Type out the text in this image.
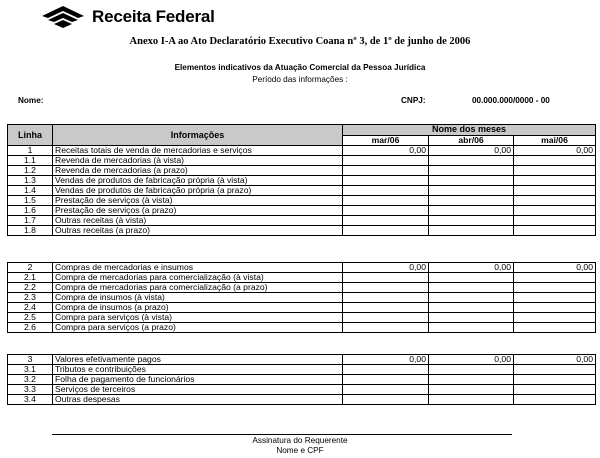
Receita Federal
Anexo I-A ao Ato Declaratório Executivo Coana nº 3, de 1º de junho de 2006
Elementos indicativos da Atuação Comercial da Pessoa Jurídica
Período das informações :
Nome:	CNPJ:	00.000.000/0000 - 00
Linha	Informações	Nome dos meses		
		mar/06	abr/06	mai/06
1	Receitas totais de venda de mercadorias e serviços	0,00	0,00	0,00
1.1	Revenda de mercadorias (à vista)			
1.2	Revenda de mercadorias (a prazo)			
1.3	Vendas de produtos de fabricação própria (à vista)			
1.4	Vendas de produtos de fabricação própria (a prazo)			
1.5	Prestação de serviços (à vista)			
1.6	Prestação de serviços (a prazo)			
1.7	Outras receitas (à vista)			
1.8	Outras receitas (a prazo)			
2	Compras de mercadorias e insumos	0,00	0,00	0,00
2.1	Compra de mercadorias para comercialização (à vista)			
2.2	Compra de mercadorias para comercialização (a prazo)			
2.3	Compra de insumos (à vista)			
2.4	Compra de insumos (a prazo)			
2.5	Compra para serviços (à vista)			
2.6	Compra para serviços (a prazo)			
3	Valores efetivamente pagos	0,00	0,00	0,00
3.1	Tributos e contribuições			
3.2	Folha de pagamento de funcionários			
3.3	Serviços de terceiros			
3.4	Outras despesas			
Assinatura do Requerente
Nome e CPF
